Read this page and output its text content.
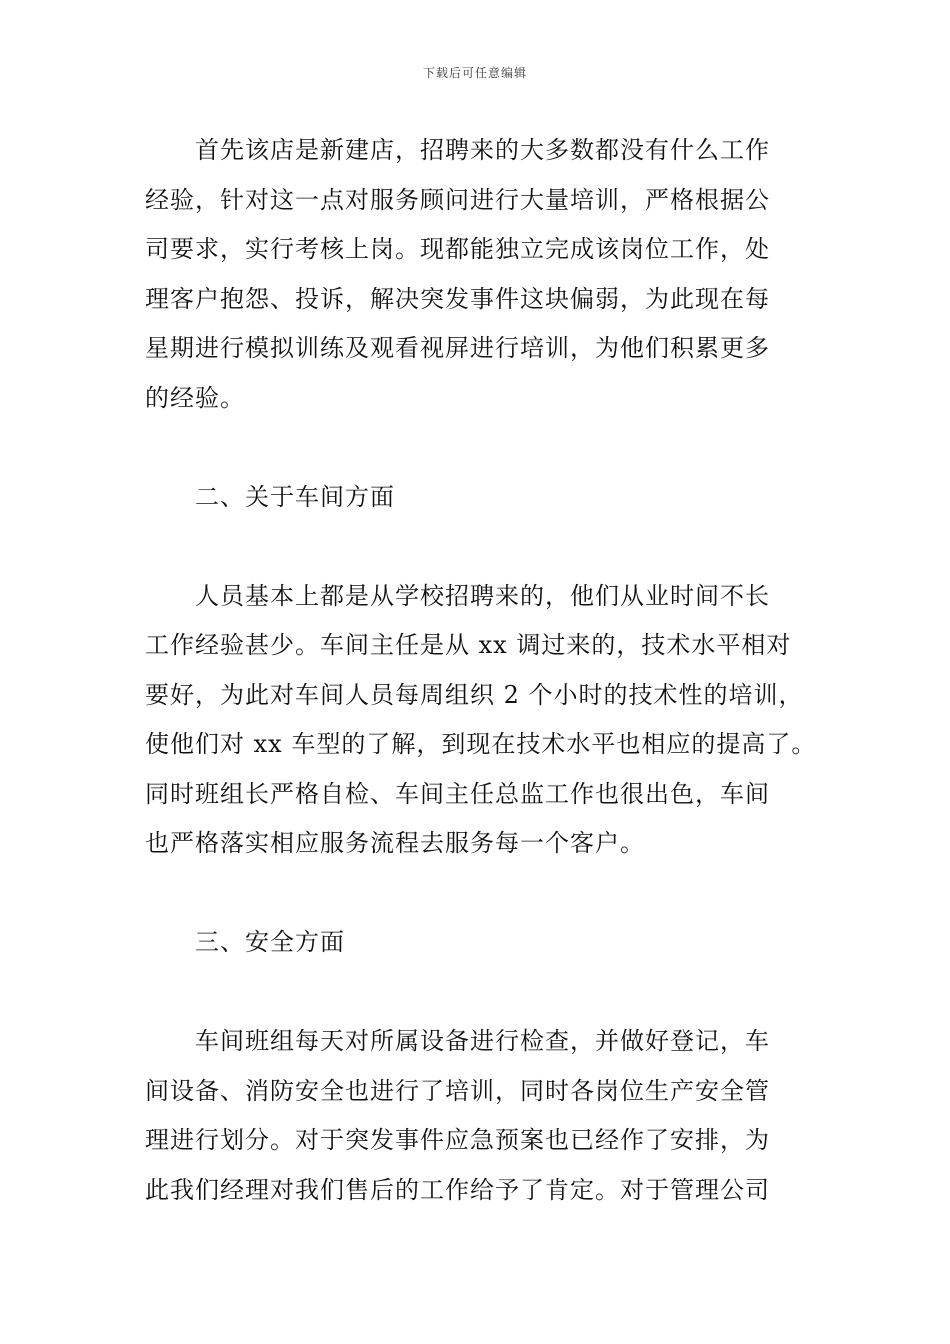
下载后可任意编辑
首先该店是新建店，招聘来的大多数都没有什么工作
经验，针对这一点对服务顾问进行大量培训，严格根据公
司要求，实行考核上岗。现都能独立完成该岗位工作，处
理客户抱怨、投诉，解决突发事件这块偏弱，为此现在每
星期进行模拟训练及观看视屏进行培训，为他们积累更多
的经验。
二、关于车间方面
人员基本上都是从学校招聘来的，他们从业时间不长
工作经验甚少。车间主任是从 xx 调过来的，技术水平相对
要好，为此对车间人员每周组织 2 个小时的技术性的培训，
使他们对 xx 车型的了解，到现在技术水平也相应的提高了。
同时班组长严格自检、车间主任总监工作也很出色，车间
也严格落实相应服务流程去服务每一个客户。
三、安全方面
车间班组每天对所属设备进行检查，并做好登记，车
间设备、消防安全也进行了培训，同时各岗位生产安全管
理进行划分。对于突发事件应急预案也已经作了安排，为
此我们经理对我们售后的工作给予了肯定。对于管理公司
